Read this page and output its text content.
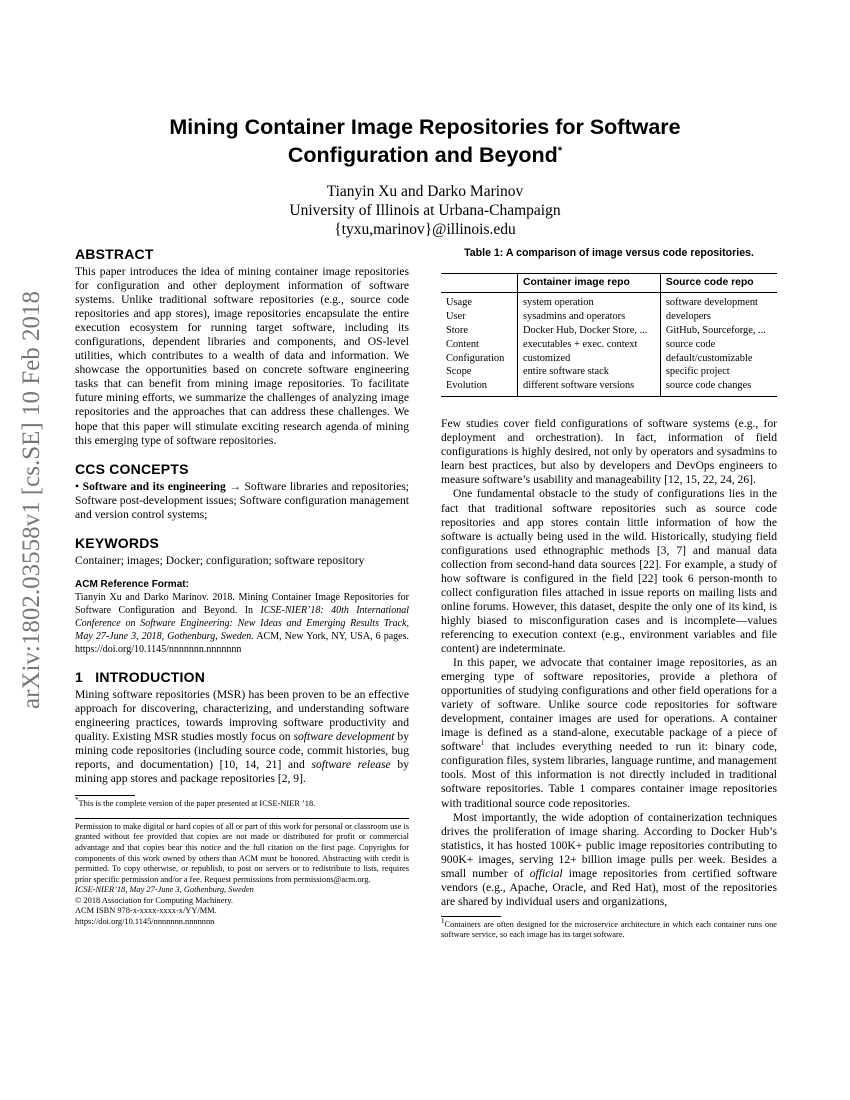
arXiv:1802.03558v1 [cs.SE] 10 Feb 2018
Mining Container Image Repositories for Software
Configuration and Beyond*
Tianyin Xu and Darko Marinov
University of Illinois at Urbana-Champaign
{tyxu,marinov}@illinois.edu
ABSTRACT

This paper introduces the idea of mining container image repositories for configuration and other deployment information of software systems. Unlike traditional software repositories (e.g., source code repositories and app stores), image repositories encapsulate the entire execution ecosystem for running target software, including its configurations, dependent libraries and components, and OS-level utilities, which contributes to a wealth of data and information. We showcase the opportunities based on concrete software engineering tasks that can benefit from mining image repositories. To facilitate future mining efforts, we summarize the challenges of analyzing image repositories and the approaches that can address these challenges. We hope that this paper will stimulate exciting research agenda of mining this emerging type of software repositories.

CCS CONCEPTS

• Software and its engineering → Software libraries and repositories; Software post-development issues; Software configuration management and version control systems;

KEYWORDS

Container; images; Docker; configuration; software repository

ACM Reference Format:

Tianyin Xu and Darko Marinov. 2018. Mining Container Image Repositories for Software Configuration and Beyond. In ICSE-NIER’18: 40th International Conference on Software Engineering: New Ideas and Emerging Results Track, May 27-June 3, 2018, Gothenburg, Sweden. ACM, New York, NY, USA, 6 pages. https://doi.org/10.1145/nnnnnnn.nnnnnnn

1 INTRODUCTION

Mining software repositories (MSR) has been proven to be an effective approach for discovering, characterizing, and understanding software engineering practices, towards improving software productivity and quality. Existing MSR studies mostly focus on software development by mining code repositories (including source code, commit histories, bug reports, and documentation) [10, 14, 21] and software release by mining app stores and package repositories [2, 9].

*This is the complete version of the paper presented at ICSE-NIER ’18.

Permission to make digital or hard copies of all or part of this work for personal or classroom use is granted without fee provided that copies are not made or distributed for profit or commercial advantage and that copies bear this notice and the full citation on the first page. Copyrights for components of this work owned by others than ACM must be honored. Abstracting with credit is permitted. To copy otherwise, or republish, to post on servers or to redistribute to lists, requires prior specific permission and/or a fee. Request permissions from permissions@acm.org.

ICSE-NIER’18, May 27-June 3, Gothenburg, Sweden

© 2018 Association for Computing Machinery.

ACM ISBN 978-x-xxxx-xxxx-x/YY/MM.

https://doi.org/10.1145/nnnnnnn.nnnnnnn

Table 1: A comparison of image versus code repositories.
	Container image repo	Source code repo
Usage	system operation	software development
User	sysadmins and operators	developers
Store	Docker Hub, Docker Store, ...	GitHub, Sourceforge, ...
Content	executables + exec. context	source code
Configuration	customized	default/customizable
Scope	entire software stack	specific project
Evolution	different software versions	source code changes

Few studies cover field configurations of software systems (e.g., for deployment and orchestration). In fact, information of field configurations is highly desired, not only by operators and sysadmins to learn best practices, but also by developers and DevOps engineers to measure software’s usability and manageability [12, 15, 22, 24, 26].

One fundamental obstacle to the study of configurations lies in the fact that traditional software repositories such as source code repositories and app stores contain little information of how the software is actually being used in the wild. Historically, studying field configurations used ethnographic methods [3, 7] and manual data collection from second-hand data sources [22]. For example, a study of how software is configured in the field [22] took 6 person-month to collect configuration files attached in issue reports on mailing lists and online forums. However, this dataset, despite the only one of its kind, is highly biased to misconfiguration cases and is incomplete—values referencing to execution context (e.g., environment variables and file content) are indeterminate.

In this paper, we advocate that container image repositories, as an emerging type of software repositories, provide a plethora of opportunities of studying configurations and other field operations for a variety of software. Unlike source code repositories for software development, container images are used for operations. A container image is defined as a stand-alone, executable package of a piece of software$^1$ that includes everything needed to run it: binary code, configuration files, system libraries, language runtime, and management tools. Most of this information is not directly included in traditional software repositories. Table 1 compares container image repositories with traditional source code repositories.

Most importantly, the wide adoption of containerization techniques drives the proliferation of image sharing. According to Docker Hub’s statistics, it has hosted 100K+ public image repositories contributing to 900K+ images, serving 12+ billion image pulls per week. Besides a small number of official image repositories from certified software vendors (e.g., Apache, Oracle, and Red Hat), most of the repositories are shared by individual users and organizations,

$^1$Containers are often designed for the microservice architecture in which each container runs one software service, so each image has its target software.
